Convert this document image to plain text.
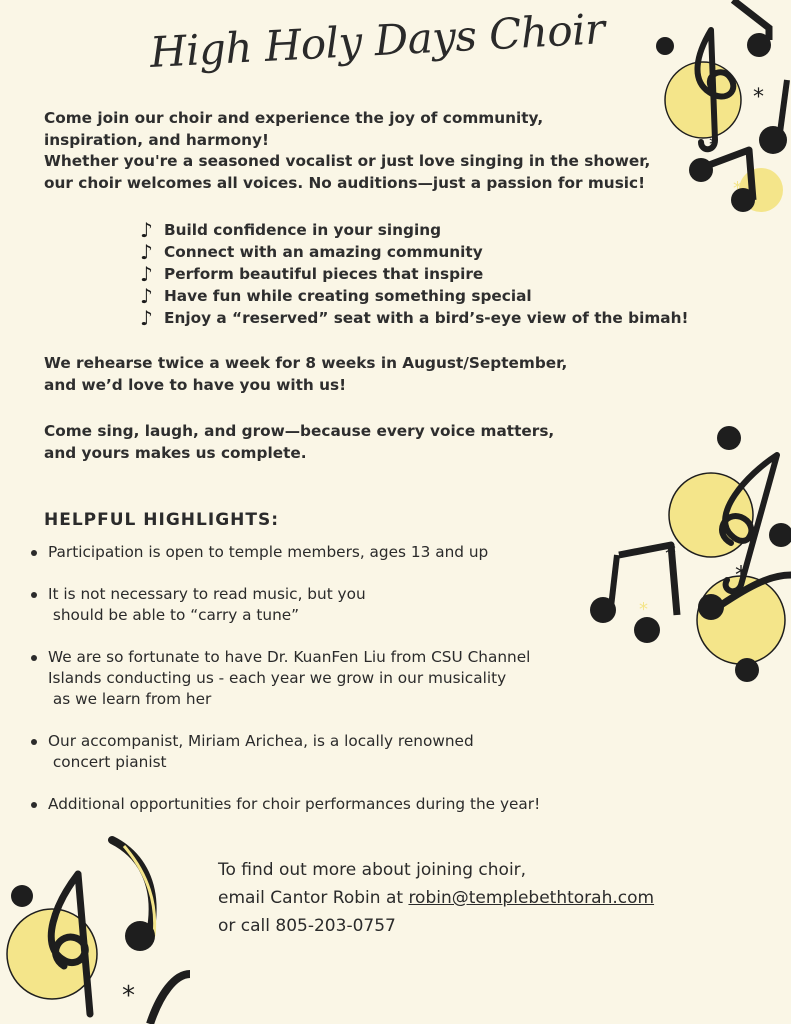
*
*
*
*
*
*
*
High Holy Days Choir

Come join our choir and experience the joy of community,

inspiration, and harmony!

Whether you're a seasoned vocalist or just love singing in the shower,

our choir welcomes all voices. No auditions—just a passion for music!

♪ Build confidence in your singing
♪ Connect with an amazing community
♪ Perform beautiful pieces that inspire
♪ Have fun while creating something special
♪ Enjoy a “reserved” seat with a bird’s-eye view of the bimah!

We rehearse twice a week for 8 weeks in August/September,
and we’d love to have you with us!

Come sing, laugh, and grow—because every voice matters,
and yours makes us complete.

HELPFUL HIGHLIGHTS:
Participation is open to temple members, ages 13 and up
It is not necessary to read music, but you
should be able to “carry a tune”
We are so fortunate to have Dr. KuanFen Liu from CSU Channel
Islands conducting us - each year we grow in our musicality
as we learn from her
Our accompanist, Miriam Arichea, is a locally renowned
concert pianist
Additional opportunities for choir performances during the year!
To find out more about joining choir,
email Cantor Robin at robin@templebethtorah.com
or call 805-203-0757
